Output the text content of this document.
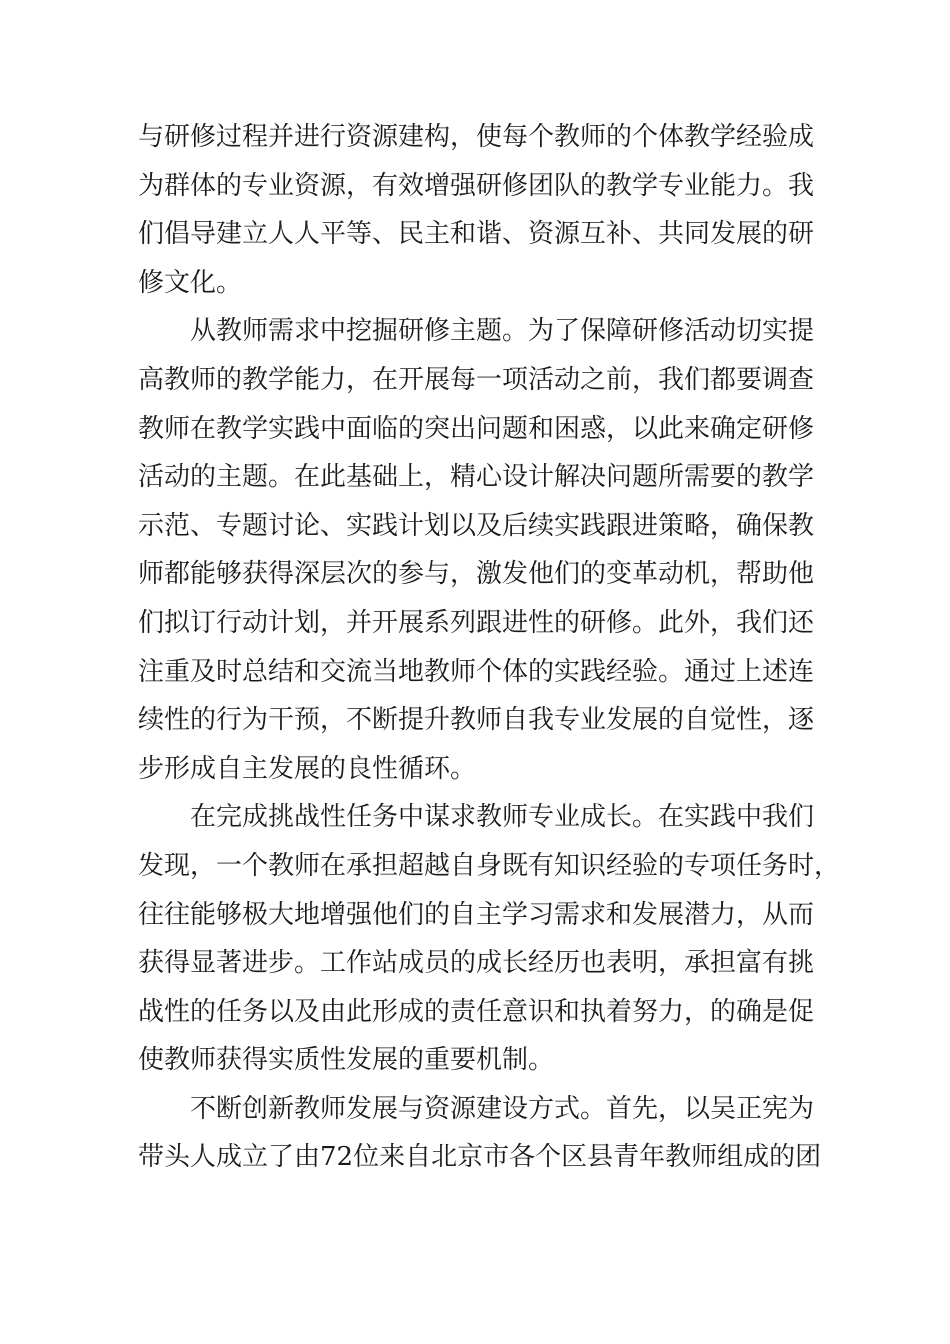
与研修过程并进行资源建构，使每个教师的个体教学经验成
为群体的专业资源，有效增强研修团队的教学专业能力。我
们倡导建立人人平等、民主和谐、资源互补、共同发展的研
修文化。
从教师需求中挖掘研修主题。为了保障研修活动切实提
高教师的教学能力，在开展每一项活动之前，我们都要调查
教师在教学实践中面临的突出问题和困惑，以此来确定研修
活动的主题。在此基础上，精心设计解决问题所需要的教学
示范、专题讨论、实践计划以及后续实践跟进策略，确保教
师都能够获得深层次的参与，激发他们的变革动机，帮助他
们拟订行动计划，并开展系列跟进性的研修。此外，我们还
注重及时总结和交流当地教师个体的实践经验。通过上述连
续性的行为干预，不断提升教师自我专业发展的自觉性，逐
步形成自主发展的良性循环。
在完成挑战性任务中谋求教师专业成长。在实践中我们
发现，一个教师在承担超越自身既有知识经验的专项任务时，
往往能够极大地增强他们的自主学习需求和发展潜力，从而
获得显著进步。工作站成员的成长经历也表明，承担富有挑
战性的任务以及由此形成的责任意识和执着努力，的确是促
使教师获得实质性发展的重要机制。
不断创新教师发展与资源建设方式。首先，以吴正宪为
带头人成立了由72位来自北京市各个区县青年教师组成的团
